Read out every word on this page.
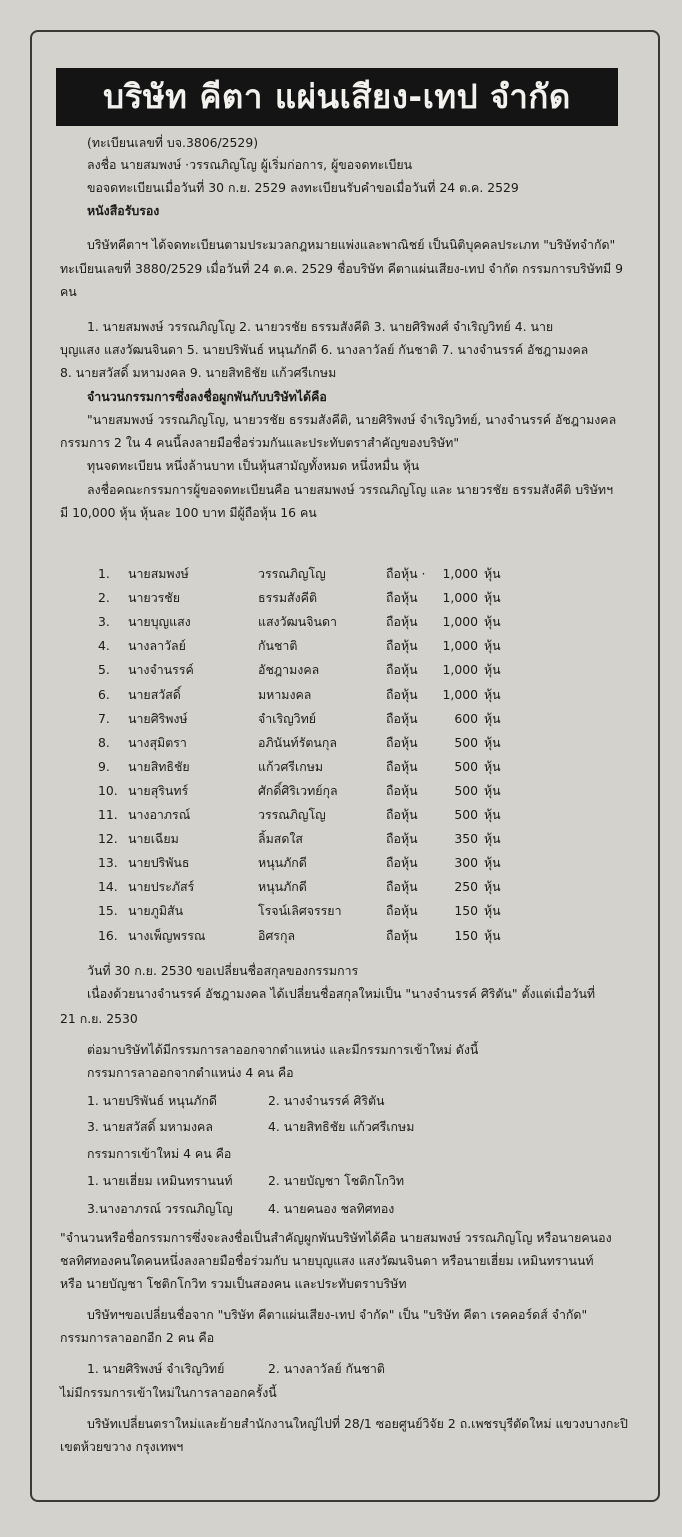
บริษัท คีตา แผ่นเสียง-เทป จำกัด
(ทะเบียนเลขที่ บจ.3806/2529)
ลงชื่อ นายสมพงษ์ ·วรรณภิญโญ ผู้เริ่มก่อการ, ผู้ขอจดทะเบียน
ขอจดทะเบียนเมื่อวันที่ 30 ก.ย. 2529 ลงทะเบียนรับคำขอเมื่อวันที่ 24 ต.ค. 2529
หนังสือรับรอง
บริษัทคีตาฯ ได้จดทะเบียนตามประมวลกฎหมายแพ่งและพาณิชย์ เป็นนิติบุคคลประเภท "บริษัทจำกัด"
ทะเบียนเลขที่ 3880/2529 เมื่อวันที่ 24 ต.ค. 2529 ชื่อบริษัท คีตาแผ่นเสียง-เทป จำกัด กรรมการบริษัทมี 9
คน
1. นายสมพงษ์ วรรณภิญโญ 2. นายวรชัย ธรรมสังคีติ 3. นายศิริพงศ์ จำเริญวิทย์ 4. นาย
บุญแสง แสงวัฒนจินดา 5. นายปริพันธ์ หนุนภักดี 6. นางลาวัลย์ กันชาติ 7. นางจำนรรค์ อัชฎามงคล
8. นายสวัสดิ์ มหามงคล 9. นายสิทธิชัย แก้วศรีเกษม
จำนวนกรรมการซึ่งลงชื่อผูกพันกับบริษัทได้คือ
"นายสมพงษ์ วรรณภิญโญ, นายวรชัย ธรรมสังคีติ, นายศิริพงษ์ จำเริญวิทย์, นางจำนรรค์ อัชฎามงคล
กรรมการ 2 ใน 4 คนนี้ลงลายมือชื่อร่วมกันและประทับตราสำคัญของบริษัท"
ทุนจดทะเบียน หนึ่งล้านบาท เป็นหุ้นสามัญทั้งหมด หนึ่งหมื่น หุ้น
ลงชื่อคณะกรรมการผู้ขอจดทะเบียนคือ นายสมพงษ์ วรรณภิญโญ และ นายวรชัย ธรรมสังคีติ บริษัทฯ
มี 10,000 หุ้น หุ้นละ 100 บาท มีผู้ถือหุ้น 16 คน
1. นายสมพงษ์	วรรณภิญโญ	ถือหุ้น · 1,000 หุ้น
2. นายวรชัย	ธรรมสังคีติ	ถือหุ้น 1,000 หุ้น
3. นายบุญแสง	แสงวัฒนจินดา	ถือหุ้น 1,000 หุ้น
4. นางลาวัลย์	กันชาติ	ถือหุ้น 1,000 หุ้น
5. นางจำนรรค์	อัชฎามงคล	ถือหุ้น 1,000 หุ้น
6. นายสวัสดิ์	มหามงคล	ถือหุ้น 1,000 หุ้น
7. นายศิริพงษ์	จำเริญวิทย์	ถือหุ้น	600 หุ้น
8. นางสุมิตรา	อภินันท์รัตนกุล	ถือหุ้น	500 หุ้น
9. นายสิทธิชัย	แก้วศรีเกษม	ถือหุ้น	500 หุ้น
10. นายสุรินทร์	ศักดิ์ศิริเวทย์กุล	ถือหุ้น	500 หุ้น
11. นางอาภรณ์	วรรณภิญโญ	ถือหุ้น	500 หุ้น
12. นายเฉียม	ลิ้มสดใส	ถือหุ้น	350 หุ้น
13. นายปริพันธ	หนุนภักดี	ถือหุ้น	300 หุ้น
14. นายประภัสร์	หนุนภักดี	ถือหุ้น	250 หุ้น
15. นายภูมิสัน	โรจน์เลิศจรรยา	ถือหุ้น	150 หุ้น
16. นางเพ็ญพรรณ	อิศรกุล	ถือหุ้น	150 หุ้น
วันที่ 30 ก.ย. 2530 ขอเปลี่ยนชื่อสกุลของกรรมการ
เนื่องด้วยนางจำนรรค์ อัชฎามงคล ได้เปลี่ยนชื่อสกุลใหม่เป็น "นางจำนรรค์ ศิริตัน" ตั้งแต่เมื่อวันที่
21 ก.ย. 2530
ต่อมาบริษัทได้มีกรรมการลาออกจากตำแหน่ง และมีกรรมการเข้าใหม่ ดังนี้
กรรมการลาออกจากตำแหน่ง 4 คน คือ
1. นายปริพันธ์ หนุนภักดี	2. นางจำนรรค์ ศิริตัน
3. นายสวัสดิ์ มหามงคล	4. นายสิทธิชัย แก้วศรีเกษม
กรรมการเข้าใหม่ 4 คน คือ
1. นายเฮี่ยม เหมินทรานนท์	2. นายบัญชา โชติกโกวิท
3.นางอาภรณ์ วรรณภิญโญ	4. นายคนอง ชลทิศทอง
"จำนวนหรือชื่อกรรมการซึ่งจะลงชื่อเป็นสำคัญผูกพันบริษัทได้คือ นายสมพงษ์ วรรณภิญโญ หรือนายคนอง
ชลทิศทองคนใดคนหนึ่งลงลายมือชื่อร่วมกับ นายบุญแสง แสงวัฒนจินดา หรือนายเฮี่ยม เหมินทรานนท์
หรือ นายบัญชา โชติกโกวิท รวมเป็นสองคน และประทับตราบริษัท
บริษัทฯขอเปลี่ยนชื่อจาก "บริษัท คีตาแผ่นเสียง-เทป จำกัด" เป็น "บริษัท คีตา เรคคอร์ดส์ จำกัด"
กรรมการลาออกอีก 2 คน คือ
1. นายศิริพงษ์ จำเริญวิทย์	2. นางลาวัลย์ กันชาติ
ไม่มีกรรมการเข้าใหม่ในการลาออกครั้งนี้
บริษัทเปลี่ยนตราใหม่และย้ายสำนักงานใหญ่ไปที่ 28/1 ซอยศูนย์วิจัย 2 ถ.เพชรบุรีตัดใหม่ แขวงบางกะปิ
เขตห้วยขวาง กรุงเทพฯ
